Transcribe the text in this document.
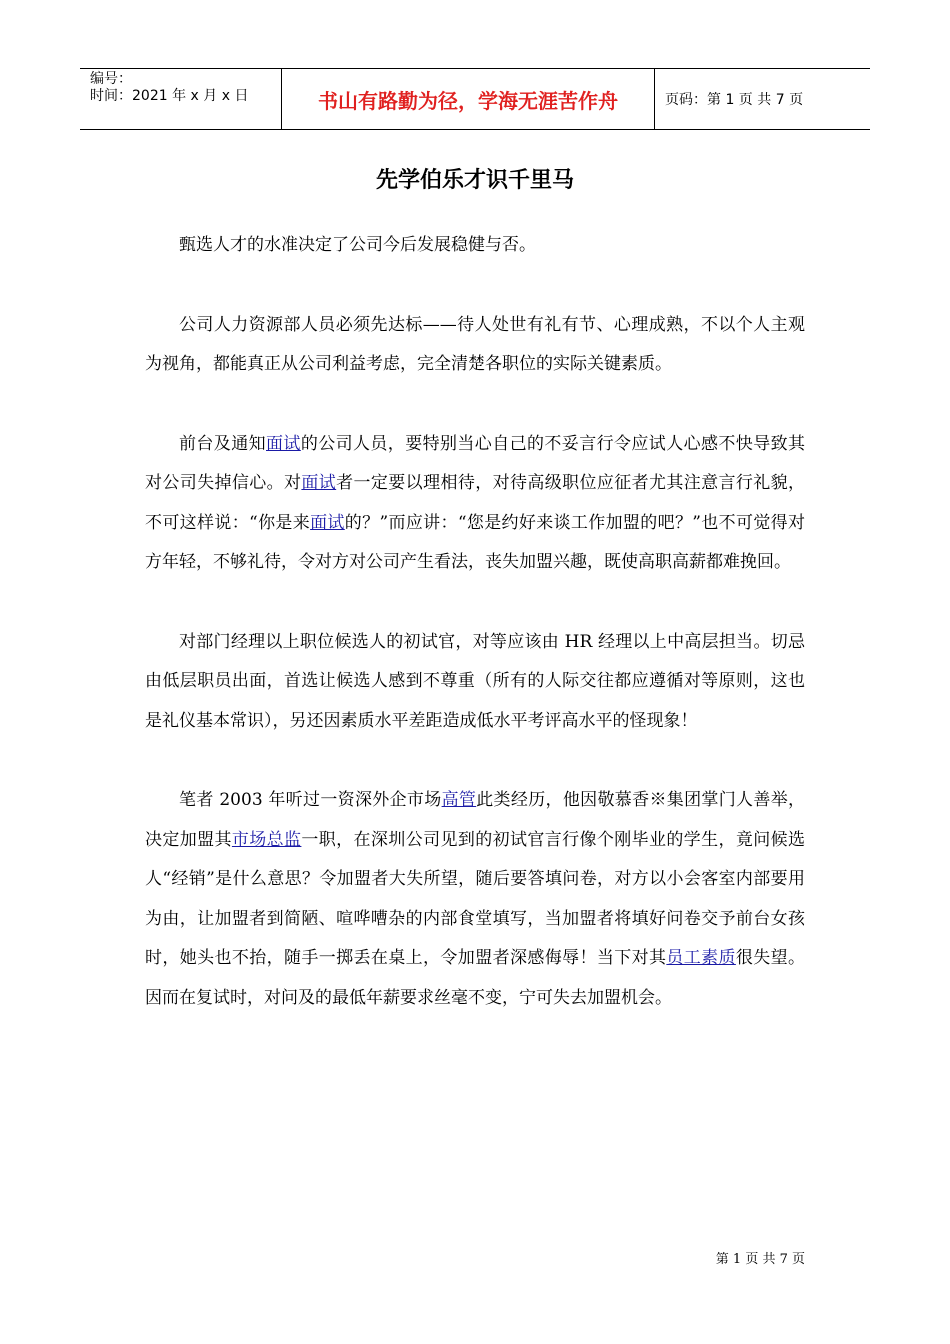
编号：
时间：2021 年 x 月 x 日	书山有路勤为径，学海无涯苦作舟	页码：第 1 页 共 7 页
先学伯乐才识千里马

甄选人才的水准决定了公司今后发展稳健与否。

公司人力资源部人员必须先达标——待人处世有礼有节、心理成熟，不以个人主观为视角，都能真正从公司利益考虑，完全清楚各职位的实际关键素质。

前台及通知面试的公司人员，要特别当心自己的不妥言行令应试人心感不快导致其对公司失掉信心。对面试者一定要以理相待，对待高级职位应征者尤其注意言行礼貌，不可这样说：“你是来面试的？”而应讲：“您是约好来谈工作加盟的吧？”也不可觉得对方年轻，不够礼待，令对方对公司产生看法，丧失加盟兴趣，既使高职高薪都难挽回。

对部门经理以上职位候选人的初试官，对等应该由 HR 经理以上中高层担当。切忌由低层职员出面，首选让候选人感到不尊重（所有的人际交往都应遵循对等原则，这也是礼仪基本常识），另还因素质水平差距造成低水平考评高水平的怪现象！

笔者 2003 年听过一资深外企市场高管此类经历，他因敬慕香※集团掌门人善举，决定加盟其市场总监一职，在深圳公司见到的初试官言行像个刚毕业的学生，竟问候选人“经销”是什么意思？令加盟者大失所望，随后要答填问卷，对方以小会客室内部要用为由，让加盟者到简陋、喧哗嘈杂的内部食堂填写，当加盟者将填好问卷交予前台女孩时，她头也不抬，随手一掷丢在桌上，令加盟者深感侮辱！当下对其员工素质很失望。因而在复试时，对问及的最低年薪要求丝毫不变，宁可失去加盟机会。

第 1 页 共 7 页
